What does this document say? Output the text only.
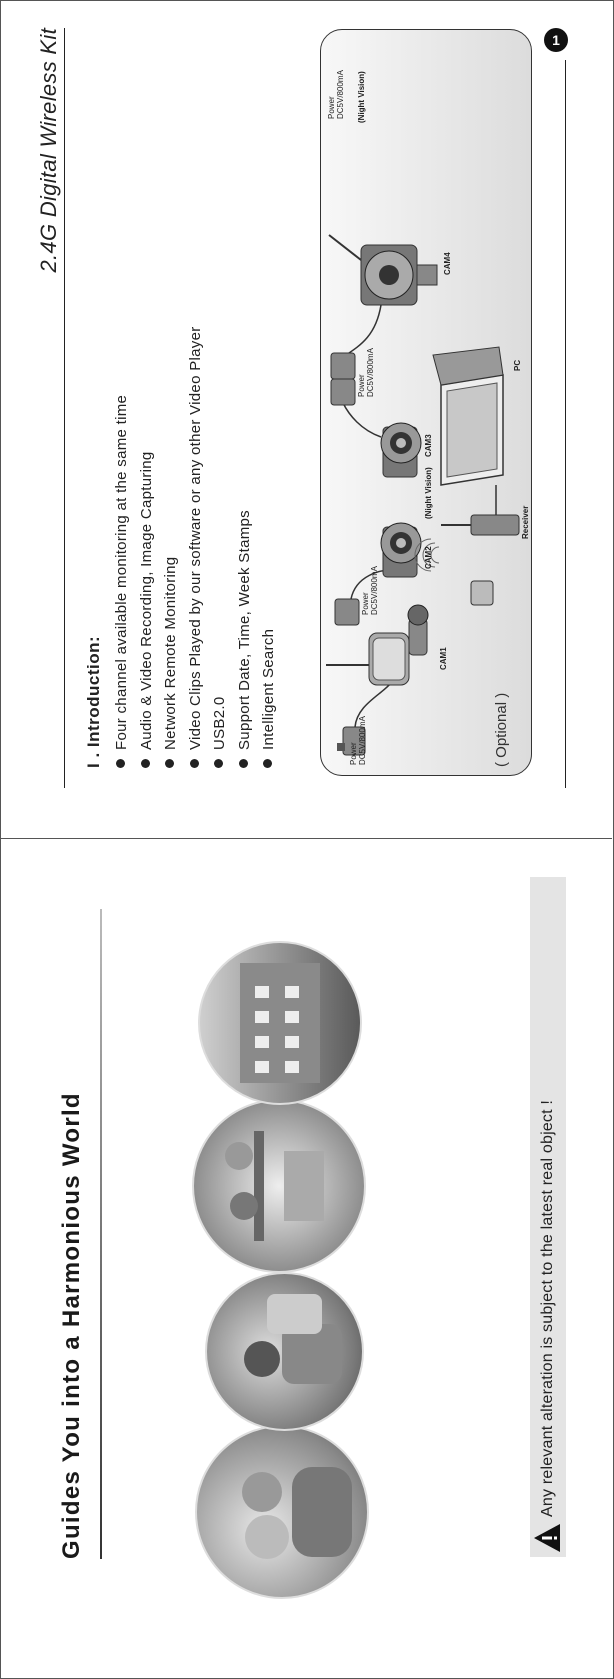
2.4G Digital Wireless Kit
I . Introduction: Four channel available monitoring at the same time Audio & Video Recording, Image Capturing Network Remote Monitoring Video Clips Played by our software or any other Video Player USB2.0 Support Date, Time, Week Stamps Intelligent Search	( Optional )
Power DC5V/800mA
CAM1
Power DC5V/800mA
CAM2
(Night Vision)
CAM3
Power DC5V/800mA
Receiver
PC
CAM4
Power DC5V/800mA (Night Vision)
1
Guides You into a Harmonious World	Any relevant alteration is subject to the latest real object !
